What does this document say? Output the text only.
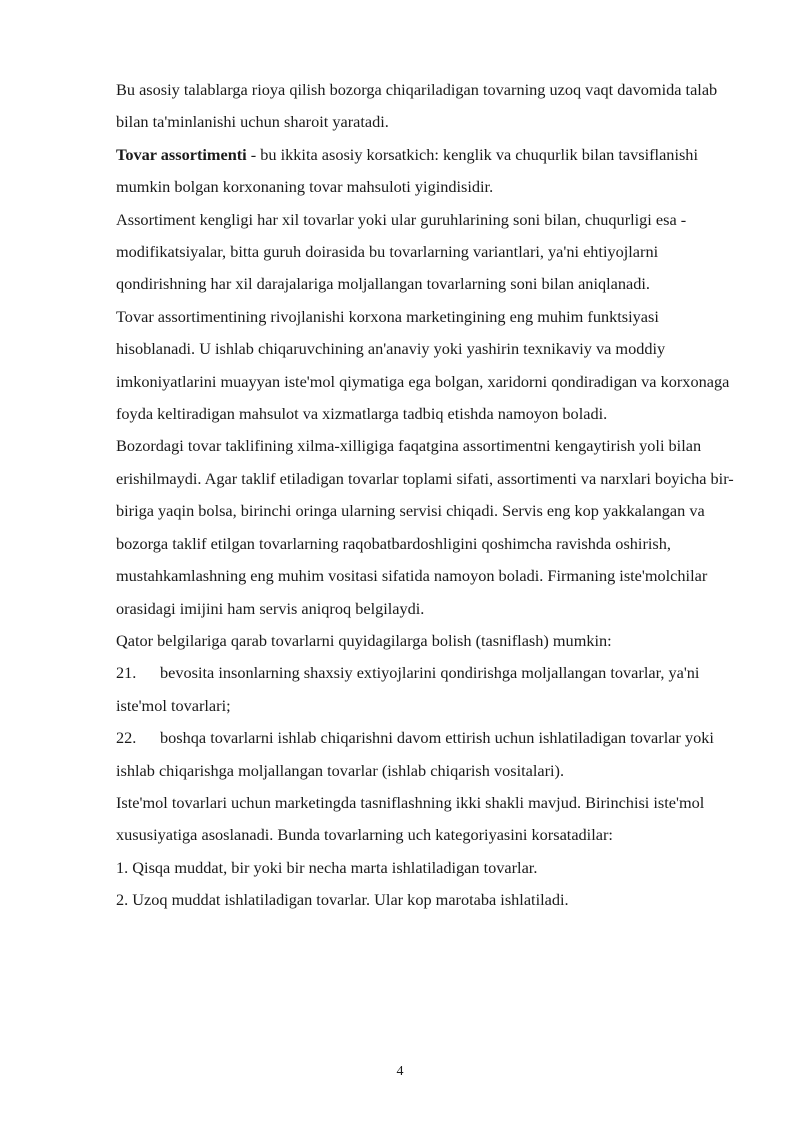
Bu asosiy talablarga rioya qilish bozorga chiqariladigan tovarning uzoq vaqt davomida talab bilan ta'minlanishi uchun sharoit yaratadi.

Tovar assortimenti - bu ikkita asosiy korsatkich: kenglik va chuqurlik bilan tavsiflanishi mumkin bolgan korxonaning tovar mahsuloti yigindisidir.

Assortiment kengligi har xil tovarlar yoki ular guruhlarining soni bilan, chuqurligi esa - modifikatsiyalar, bitta guruh doirasida bu tovarlarning variantlari, ya'ni ehtiyojlarni qondirishning har xil darajalariga moljallangan tovarlarning soni bilan aniqlanadi.

Tovar assortimentining rivojlanishi korxona marketingining eng muhim funktsiyasi hisoblanadi. U ishlab chiqaruvchining an'anaviy yoki yashirin texnikaviy va moddiy imkoniyatlarini muayyan iste'mol qiymatiga ega bolgan, xaridorni qondiradigan va korxonaga foyda keltiradigan mahsulot va xizmatlarga tadbiq etishda namoyon boladi.

Bozordagi tovar taklifining xilma-xilligiga faqatgina assortimentni kengaytirish yoli bilan erishilmaydi. Agar taklif etiladigan tovarlar toplami sifati, assortimenti va narxlari boyicha bir-biriga yaqin bolsa, birinchi oringa ularning servisi chiqadi. Servis eng kop yakkalangan va bozorga taklif etilgan tovarlarning raqobatbardoshligini qoshimcha ravishda oshirish, mustahkamlashning eng muhim vositasi sifatida namoyon boladi. Firmaning iste'molchilar orasidagi imijini ham servis aniqroq belgilaydi.

Qator belgilariga qarab tovarlarni quyidagilarga bolish (tasniflash) mumkin:

21. bevosita insonlarning shaxsiy extiyojlarini qondirishga moljallangan tovarlar, ya'ni iste'mol tovarlari;

22. boshqa tovarlarni ishlab chiqarishni davom ettirish uchun ishlatiladigan tovarlar yoki ishlab chiqarishga moljallangan tovarlar (ishlab chiqarish vositalari).

Iste'mol tovarlari uchun marketingda tasniflashning ikki shakli mavjud. Birinchisi iste'mol xususiyatiga asoslanadi. Bunda tovarlarning uch kategoriyasini korsatadilar:

1. Qisqa muddat, bir yoki bir necha marta ishlatiladigan tovarlar.

2. Uzoq muddat ishlatiladigan tovarlar. Ular kop marotaba ishlatiladi.

4
